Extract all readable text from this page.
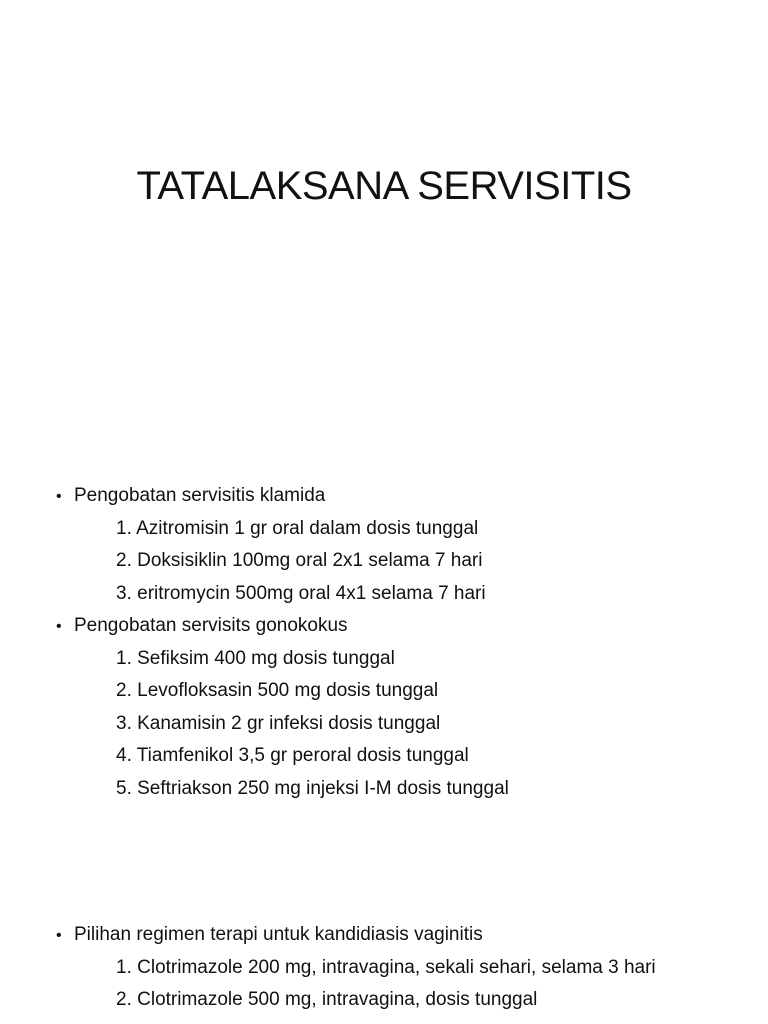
TATALAKSANA SERVISITIS
• Pengobatan servisitis klamida
1. Azitromisin 1 gr oral dalam dosis tunggal
2. Doksisiklin 100mg oral 2x1 selama 7 hari
3. eritromycin 500mg oral 4x1 selama 7 hari
• Pengobatan servisits gonokokus
1. Sefiksim 400 mg dosis tunggal
2. Levofloksasin 500 mg dosis tunggal
3. Kanamisin 2 gr infeksi dosis tunggal
4. Tiamfenikol 3,5 gr peroral dosis tunggal
5. Seftriakson 250 mg injeksi I-M dosis tunggal
• Pilihan regimen terapi untuk kandidiasis vaginitis
1. Clotrimazole 200 mg, intravagina, sekali sehari, selama 3 hari
2. Clotrimazole 500 mg, intravagina, dosis tunggal
